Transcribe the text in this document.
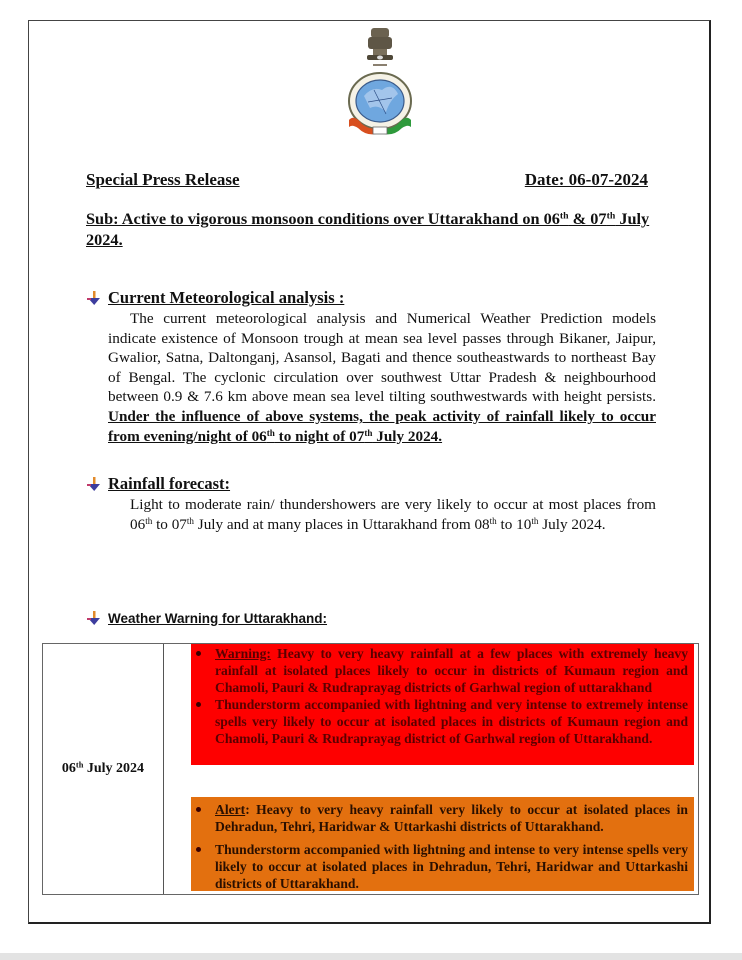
Special Press Release	Date: 06-07-2024
Sub: Active to vigorous monsoon conditions over Uttarakhand on 06th & 07th July 2024.
Current Meteorological analysis :
The current meteorological analysis and Numerical Weather Prediction models indicate existence of Monsoon trough at mean sea level passes through Bikaner, Jaipur, Gwalior, Satna, Daltonganj, Asansol, Bagati and thence southeastwards to northeast Bay of Bengal. The cyclonic circulation over southwest Uttar Pradesh & neighbourhood between 0.9 & 7.6 km above mean sea level tilting southwestwards with height persists. Under the influence of above systems, the peak activity of rainfall likely to occur from evening/night of 06th to night of 07th July 2024.
Rainfall forecast:
Light to moderate rain/ thundershowers are very likely to occur at most places from 06th to 07th July and at many places in Uttarakhand from 08th to 10th July 2024.
Weather Warning for Uttarakhand:
06th July 2024
Warning: Heavy to very heavy rainfall at a few places with extremely heavy rainfall at isolated places likely to occur in districts of Kumaun region and Chamoli, Pauri & Rudraprayag districts of Garhwal region of uttarakhand
Thunderstorm accompanied with lightning and very intense to extremely intense spells very likely to occur at isolated places in districts of Kumaun region and Chamoli, Pauri & Rudraprayag district of Garhwal region of Uttarakhand.
Alert: Heavy to very heavy rainfall very likely to occur at isolated places in Dehradun, Tehri, Haridwar & Uttarkashi districts of Uttarakhand.
Thunderstorm accompanied with lightning and intense to very intense spells very likely to occur at isolated places in Dehradun, Tehri, Haridwar and Uttarkashi districts of Uttarakhand.
